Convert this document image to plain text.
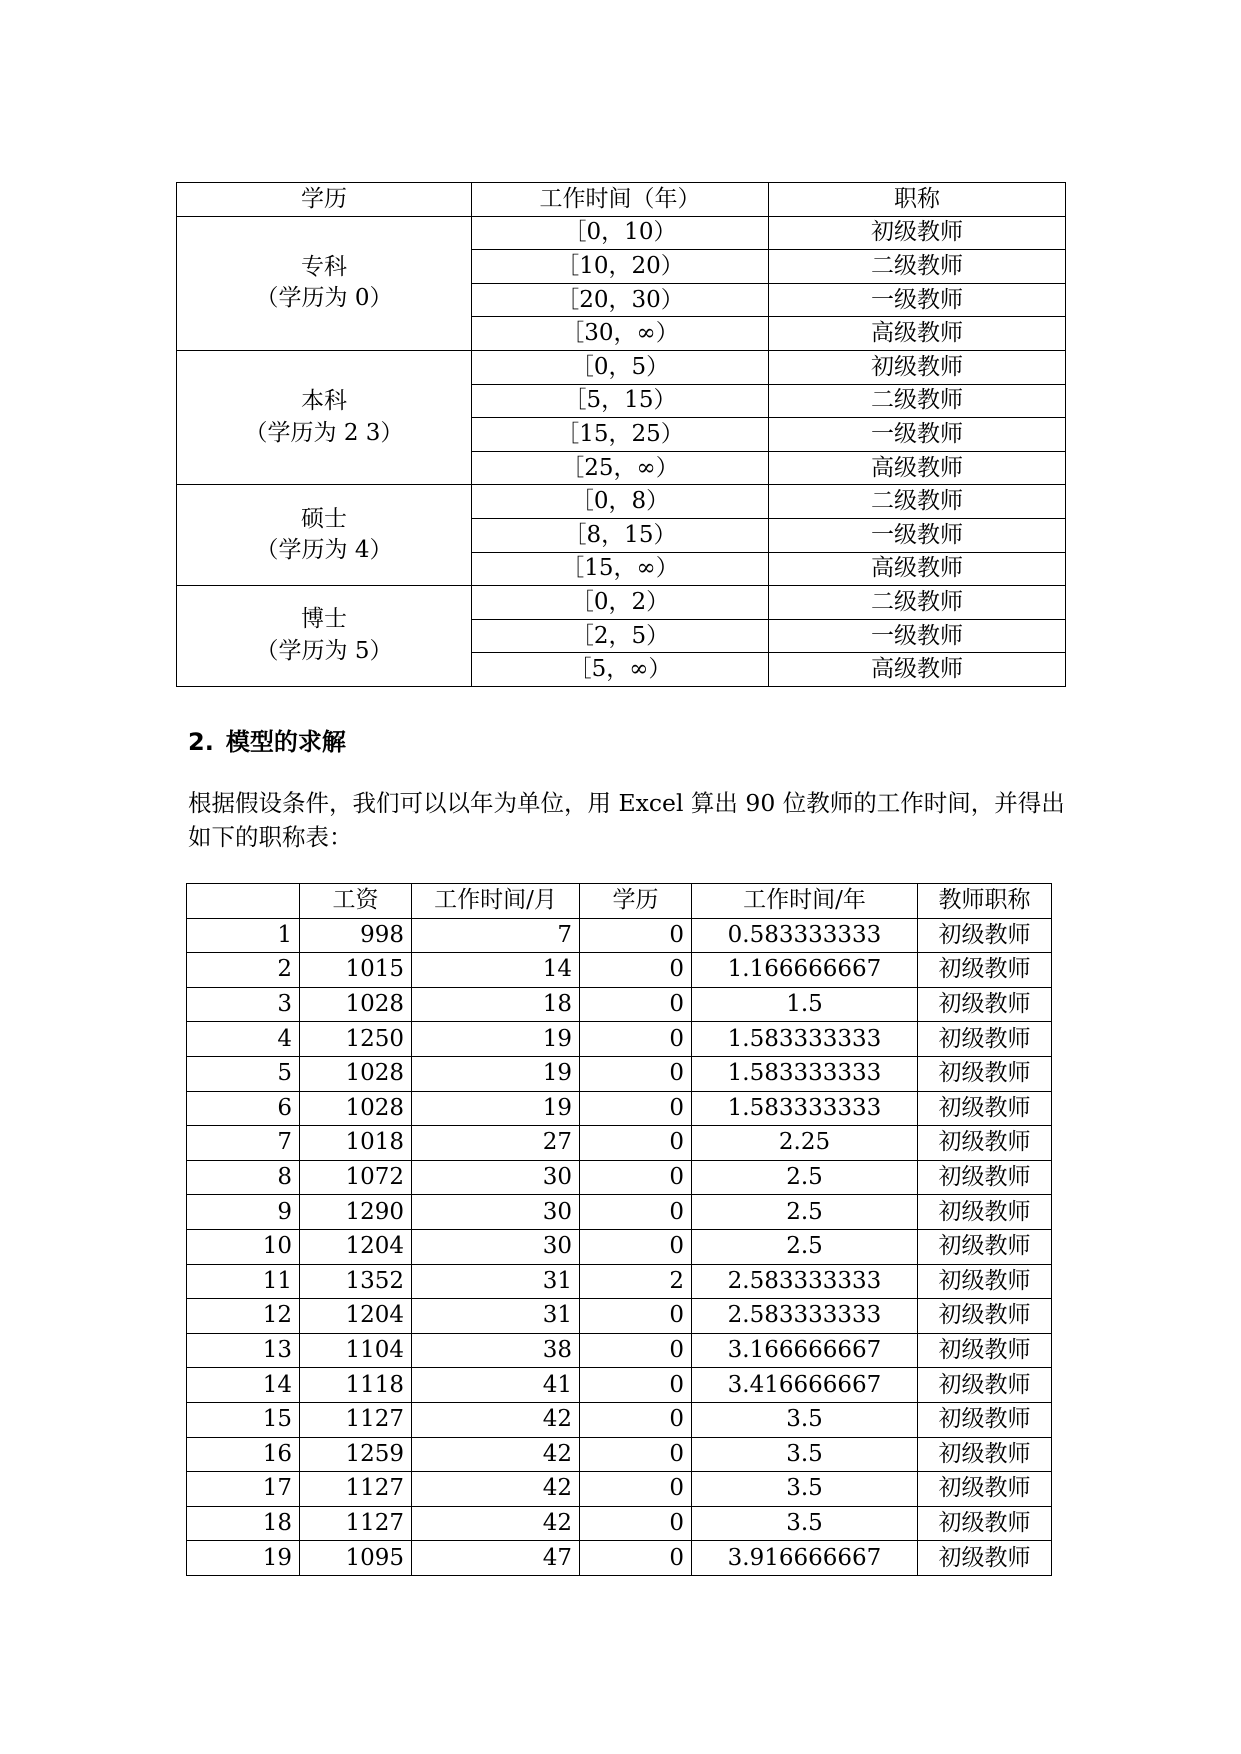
学历	工作时间（年）	职称

专科
（学历为 0）	［0，10）	初级教师
	［10，20）	二级教师
	［20，30）	一级教师
	［30，∞）	高级教师

本科
（学历为 2 3）	［0，5）	初级教师
	［5，15）	二级教师
	［15，25）	一级教师
	［25，∞）	高级教师

硕士
（学历为 4）	［0，8）	二级教师
	［8，15）	一级教师
	［15，∞）	高级教师

博士
（学历为 5）	［0，2）	二级教师
	［2，5）	一级教师
	［5，∞）	高级教师
2. 模型的求解

根据假设条件，我们可以以年为单位，用 Excel 算出 90 位教师的工作时间，并得出如下的职称表：

	工资	工作时间/月	学历	工作时间/年	教师职称
1	998	7	0	0.583333333	初级教师
2	1015	14	0	1.166666667	初级教师
3	1028	18	0	1.5	初级教师
4	1250	19	0	1.583333333	初级教师
5	1028	19	0	1.583333333	初级教师
6	1028	19	0	1.583333333	初级教师
7	1018	27	0	2.25	初级教师
8	1072	30	0	2.5	初级教师
9	1290	30	0	2.5	初级教师
10	1204	30	0	2.5	初级教师
11	1352	31	2	2.583333333	初级教师
12	1204	31	0	2.583333333	初级教师
13	1104	38	0	3.166666667	初级教师
14	1118	41	0	3.416666667	初级教师
15	1127	42	0	3.5	初级教师
16	1259	42	0	3.5	初级教师
17	1127	42	0	3.5	初级教师
18	1127	42	0	3.5	初级教师
19	1095	47	0	3.916666667	初级教师
